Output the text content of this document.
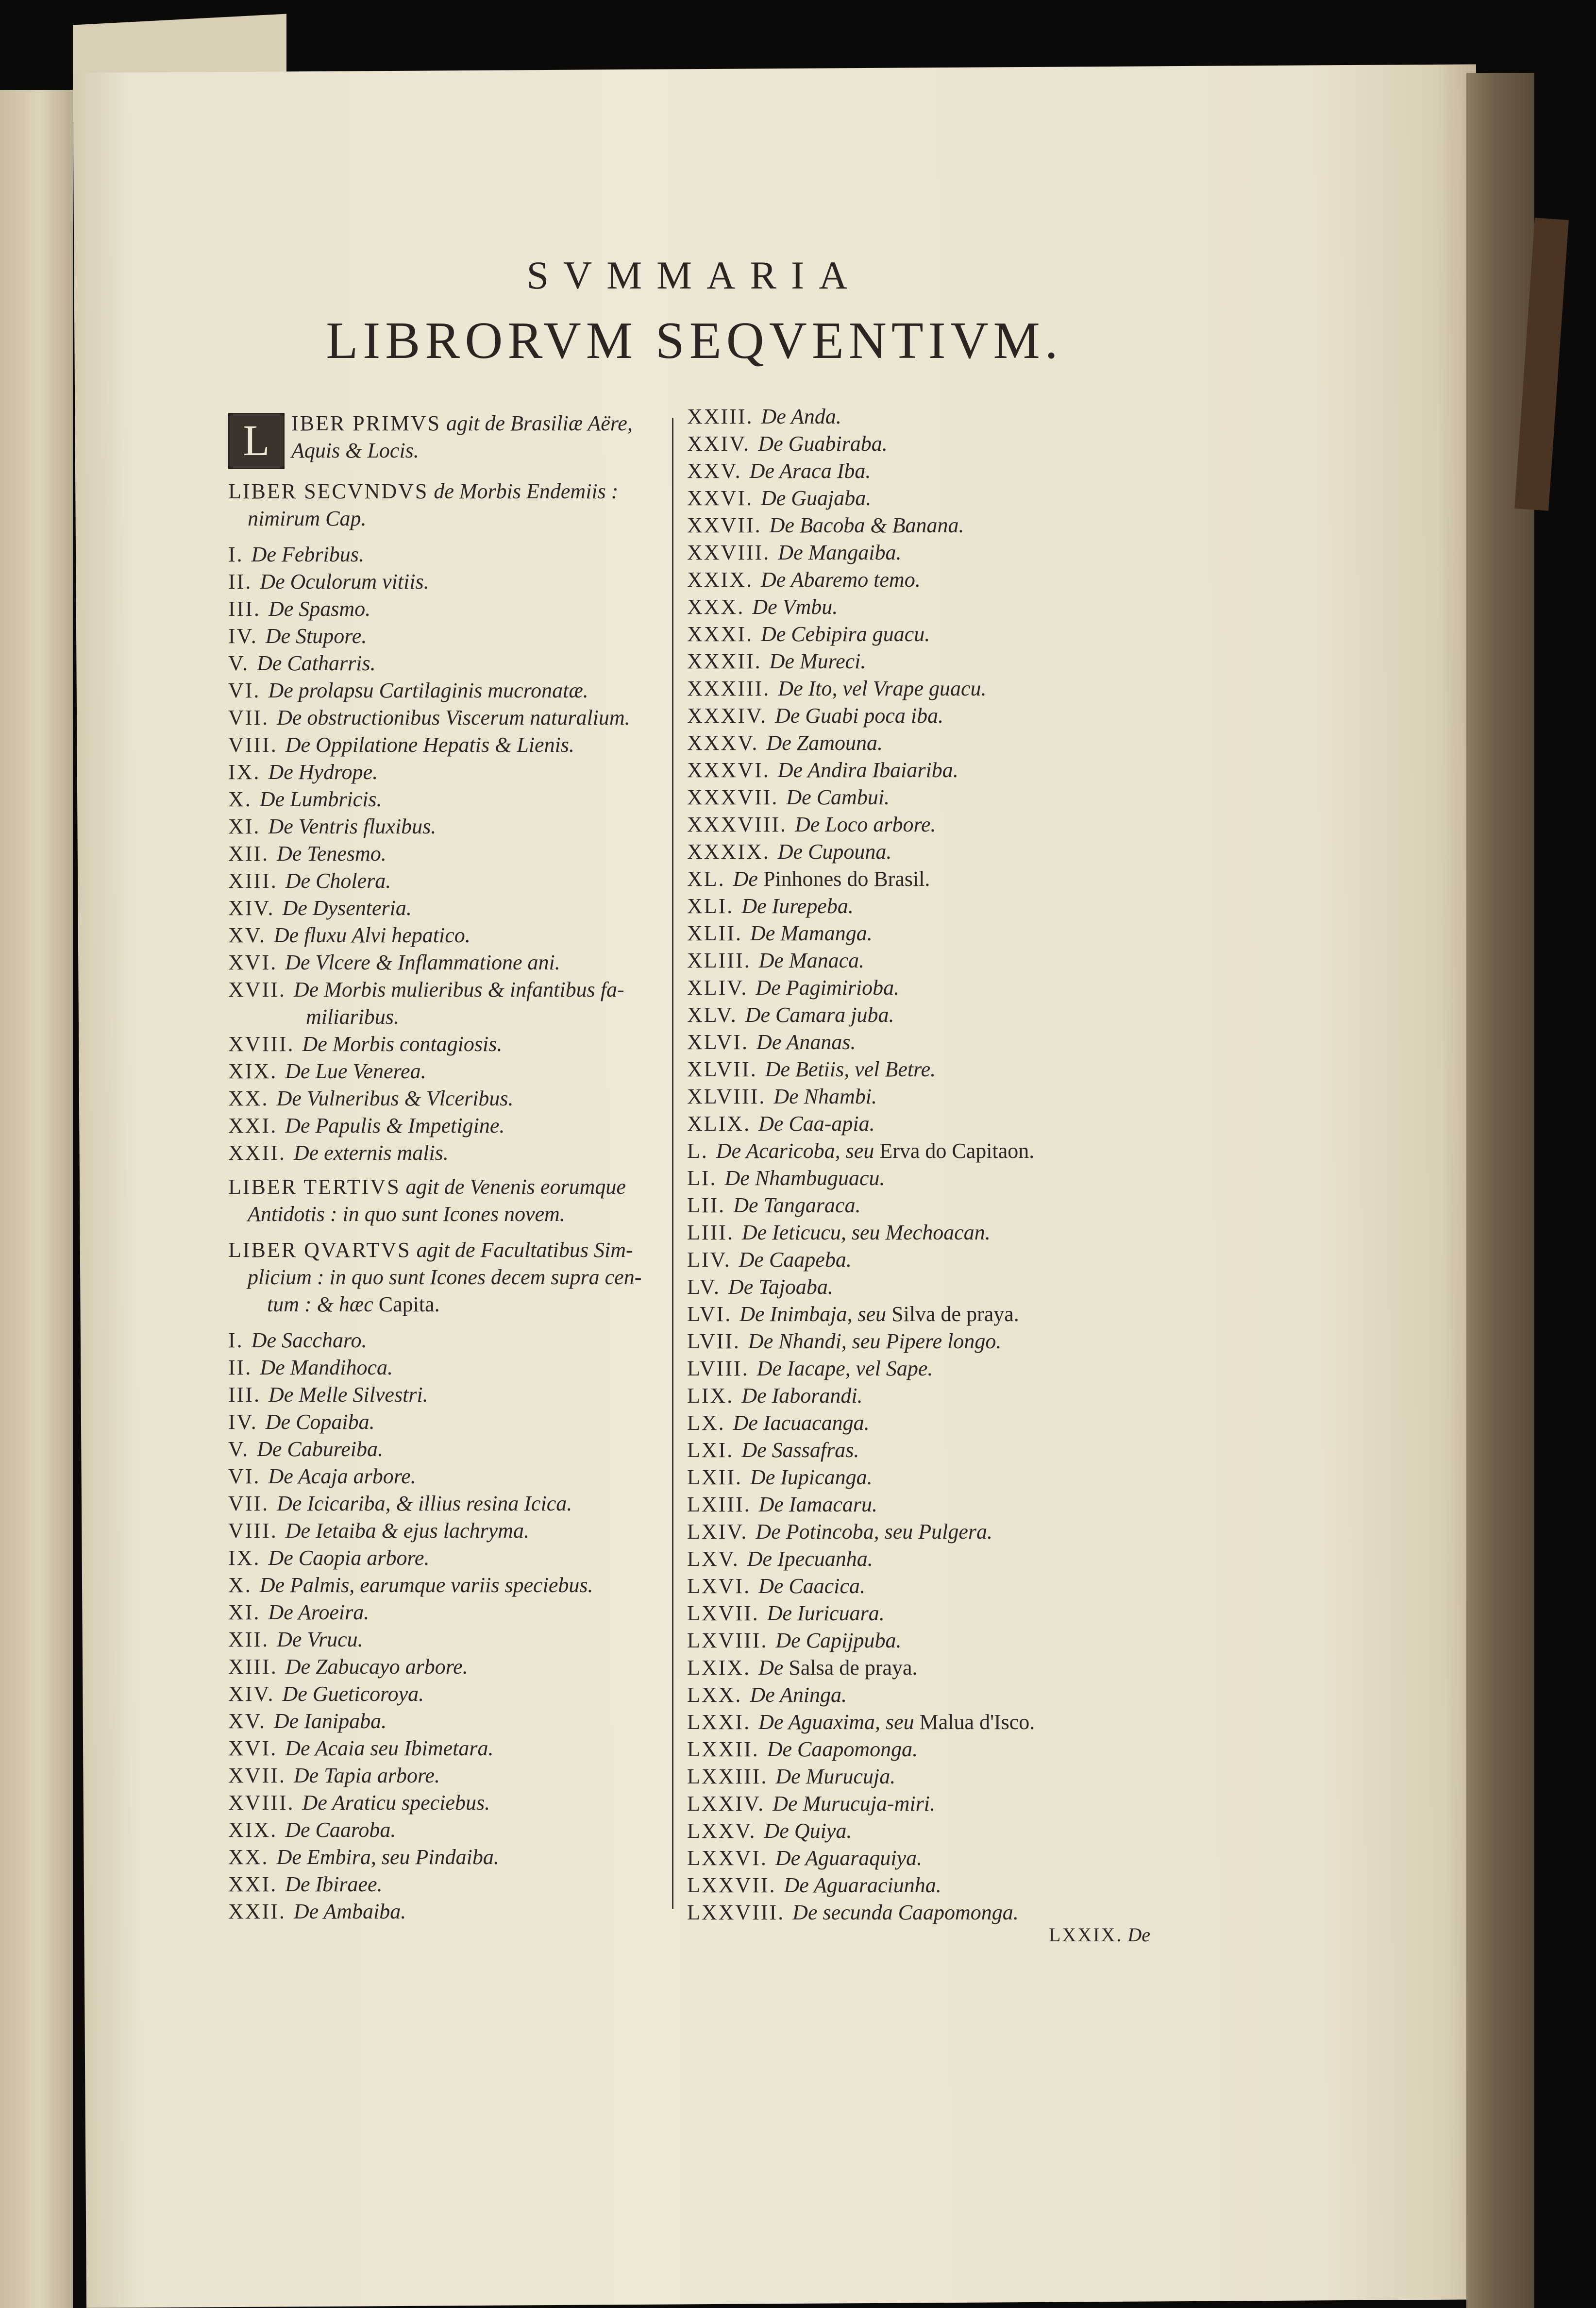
SVMMARIA
LIBRORVM SEQVENTIVM.
L	IBER PRIMVS agit de Brasiliæ Aëre,
Aquis & Locis.
LIBER SECVNDVS de Morbis Endemiis :
nimirum Cap.

I. De Febribus.

II. De Oculorum vitiis.

III. De Spasmo.

IV. De Stupore.

V. De Catharris.

VI. De prolapsu Cartilaginis mucronatæ.

VII. De obstructionibus Viscerum naturalium.

VIII. De Oppilatione Hepatis & Lienis.

IX. De Hydrope.

X. De Lumbricis.

XI. De Ventris fluxibus.

XII. De Tenesmo.

XIII. De Cholera.

XIV. De Dysenteria.

XV. De fluxu Alvi hepatico.

XVI. De Vlcere & Inflammatione ani.

XVII. De Morbis mulieribus & infantibus fa-

miliaribus.

XVIII. De Morbis contagiosis.

XIX. De Lue Venerea.

XX. De Vulneribus & Vlceribus.

XXI. De Papulis & Impetigine.

XXII. De externis malis.

LIBER TERTIVS agit de Venenis eorumque
Antidotis : in quo sunt Icones novem.
LIBER QVARTVS agit de Facultatibus Sim-
plicium : in quo sunt Icones decem supra cen-
tum : & hæc Capita.

I. De Saccharo.

II. De Mandihoca.

III. De Melle Silvestri.

IV. De Copaiba.

V. De Cabureiba.

VI. De Acaja arbore.

VII. De Icicariba, & illius resina Icica.

VIII. De Ietaiba & ejus lachryma.

IX. De Caopia arbore.

X. De Palmis, earumque variis speciebus.

XI. De Aroeira.

XII. De Vrucu.

XIII. De Zabucayo arbore.

XIV. De Gueticoroya.

XV. De Ianipaba.

XVI. De Acaia seu Ibimetara.

XVII. De Tapia arbore.

XVIII. De Araticu speciebus.

XIX. De Caaroba.

XX. De Embira, seu Pindaiba.

XXI. De Ibiraee.

XXII. De Ambaiba.

XXIII. De Anda.

XXIV. De Guabiraba.

XXV. De Araca Iba.

XXVI. De Guajaba.

XXVII. De Bacoba & Banana.

XXVIII. De Mangaiba.

XXIX. De Abaremo temo.

XXX. De Vmbu.

XXXI. De Cebipira guacu.

XXXII. De Mureci.

XXXIII. De Ito, vel Vrape guacu.

XXXIV. De Guabi poca iba.

XXXV. De Zamouna.

XXXVI. De Andira Ibaiariba.

XXXVII. De Cambui.

XXXVIII. De Loco arbore.

XXXIX. De Cupouna.

XL. De Pinhones do Brasil.

XLI. De Iurepeba.

XLII. De Mamanga.

XLIII. De Manaca.

XLIV. De Pagimirioba.

XLV. De Camara juba.

XLVI. De Ananas.

XLVII. De Betiis, vel Betre.

XLVIII. De Nhambi.

XLIX. De Caa-apia.

L. De Acaricoba, seu Erva do Capitaon.

LI. De Nhambuguacu.

LII. De Tangaraca.

LIII. De Ieticucu, seu Mechoacan.

LIV. De Caapeba.

LV. De Tajoaba.

LVI. De Inimbaja, seu Silva de praya.

LVII. De Nhandi, seu Pipere longo.

LVIII. De Iacape, vel Sape.

LIX. De Iaborandi.

LX. De Iacuacanga.

LXI. De Sassafras.

LXII. De Iupicanga.

LXIII. De Iamacaru.

LXIV. De Potincoba, seu Pulgera.

LXV. De Ipecuanha.

LXVI. De Caacica.

LXVII. De Iuricuara.

LXVIII. De Capijpuba.

LXIX. De Salsa de praya.

LXX. De Aninga.

LXXI. De Aguaxima, seu Malua d'Isco.

LXXII. De Caapomonga.

LXXIII. De Murucuja.

LXXIV. De Murucuja-miri.

LXXV. De Quiya.

LXXVI. De Aguaraquiya.

LXXVII. De Aguaraciunha.

LXXVIII. De secunda Caapomonga.

LXXIX. De
